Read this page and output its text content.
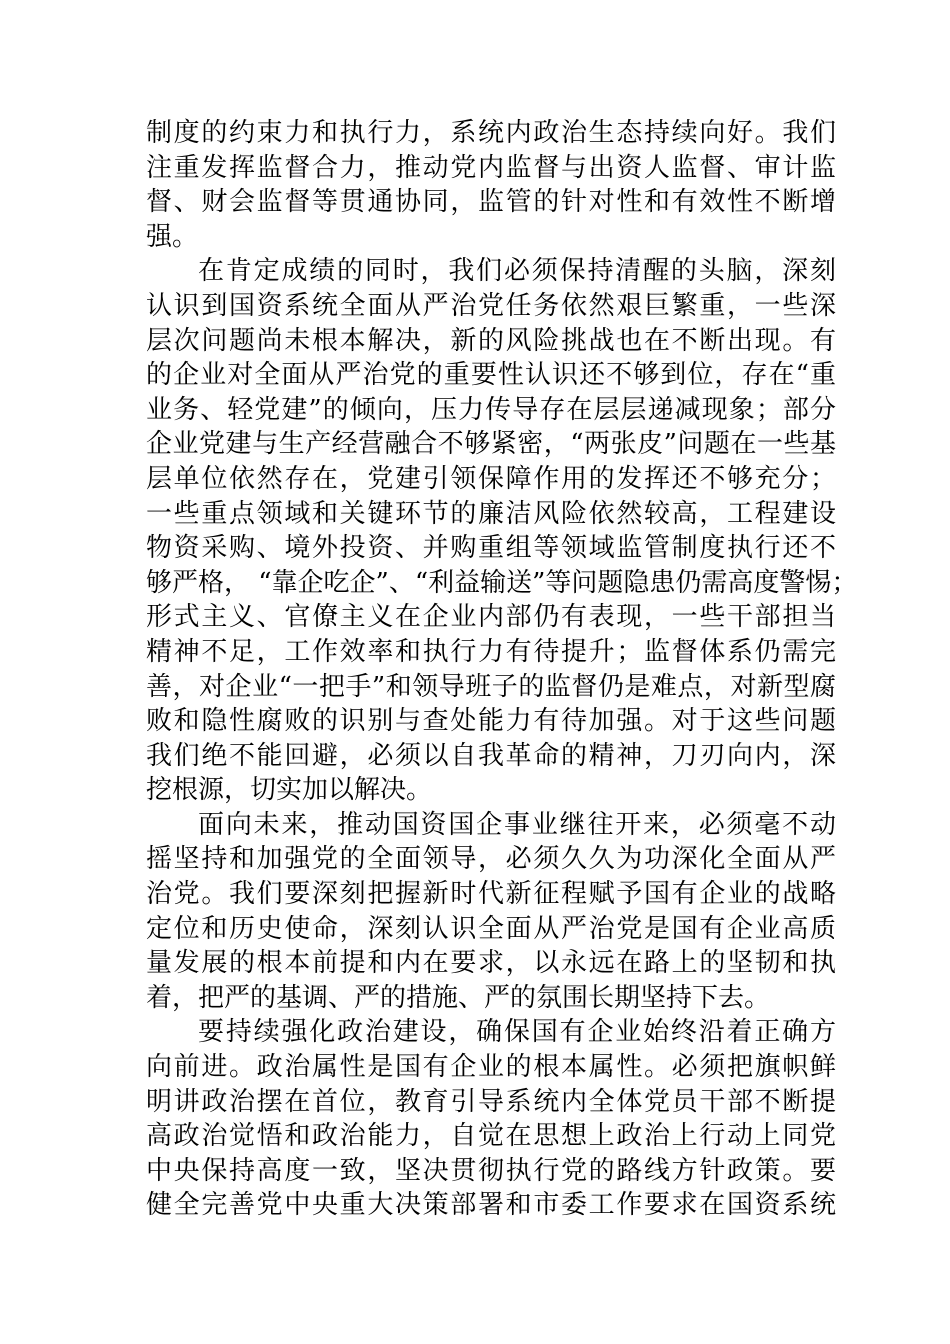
制度的约束力和执行力，系统内政治生态持续向好。我们
注重发挥监督合力，推动党内监督与出资人监督、审计监
督、财会监督等贯通协同，监管的针对性和有效性不断增
强。
在肯定成绩的同时，我们必须保持清醒的头脑，深刻
认识到国资系统全面从严治党任务依然艰巨繁重，一些深
层次问题尚未根本解决，新的风险挑战也在不断出现。有
的企业对全面从严治党的重要性认识还不够到位，存在“重
业务、轻党建”的倾向，压力传导存在层层递减现象；部分
企业党建与生产经营融合不够紧密，“两张皮”问题在一些基
层单位依然存在，党建引领保障作用的发挥还不够充分；
一些重点领域和关键环节的廉洁风险依然较高，工程建设
物资采购、境外投资、并购重组等领域监管制度执行还不
够严格， “靠企吃企”、“利益输送”等问题隐患仍需高度警惕；
形式主义、官僚主义在企业内部仍有表现，一些干部担当
精神不足，工作效率和执行力有待提升；监督体系仍需完
善，对企业“一把手”和领导班子的监督仍是难点，对新型腐
败和隐性腐败的识别与查处能力有待加强。对于这些问题
我们绝不能回避，必须以自我革命的精神，刀刃向内，深
挖根源，切实加以解决。
面向未来，推动国资国企事业继往开来，必须毫不动
摇坚持和加强党的全面领导，必须久久为功深化全面从严
治党。我们要深刻把握新时代新征程赋予国有企业的战略
定位和历史使命，深刻认识全面从严治党是国有企业高质
量发展的根本前提和内在要求，以永远在路上的坚韧和执
着，把严的基调、严的措施、严的氛围长期坚持下去。
要持续强化政治建设，确保国有企业始终沿着正确方
向前进。政治属性是国有企业的根本属性。必须把旗帜鲜
明讲政治摆在首位，教育引导系统内全体党员干部不断提
高政治觉悟和政治能力，自觉在思想上政治上行动上同党
中央保持高度一致，坚决贯彻执行党的路线方针政策。要
健全完善党中央重大决策部署和市委工作要求在国资系统
